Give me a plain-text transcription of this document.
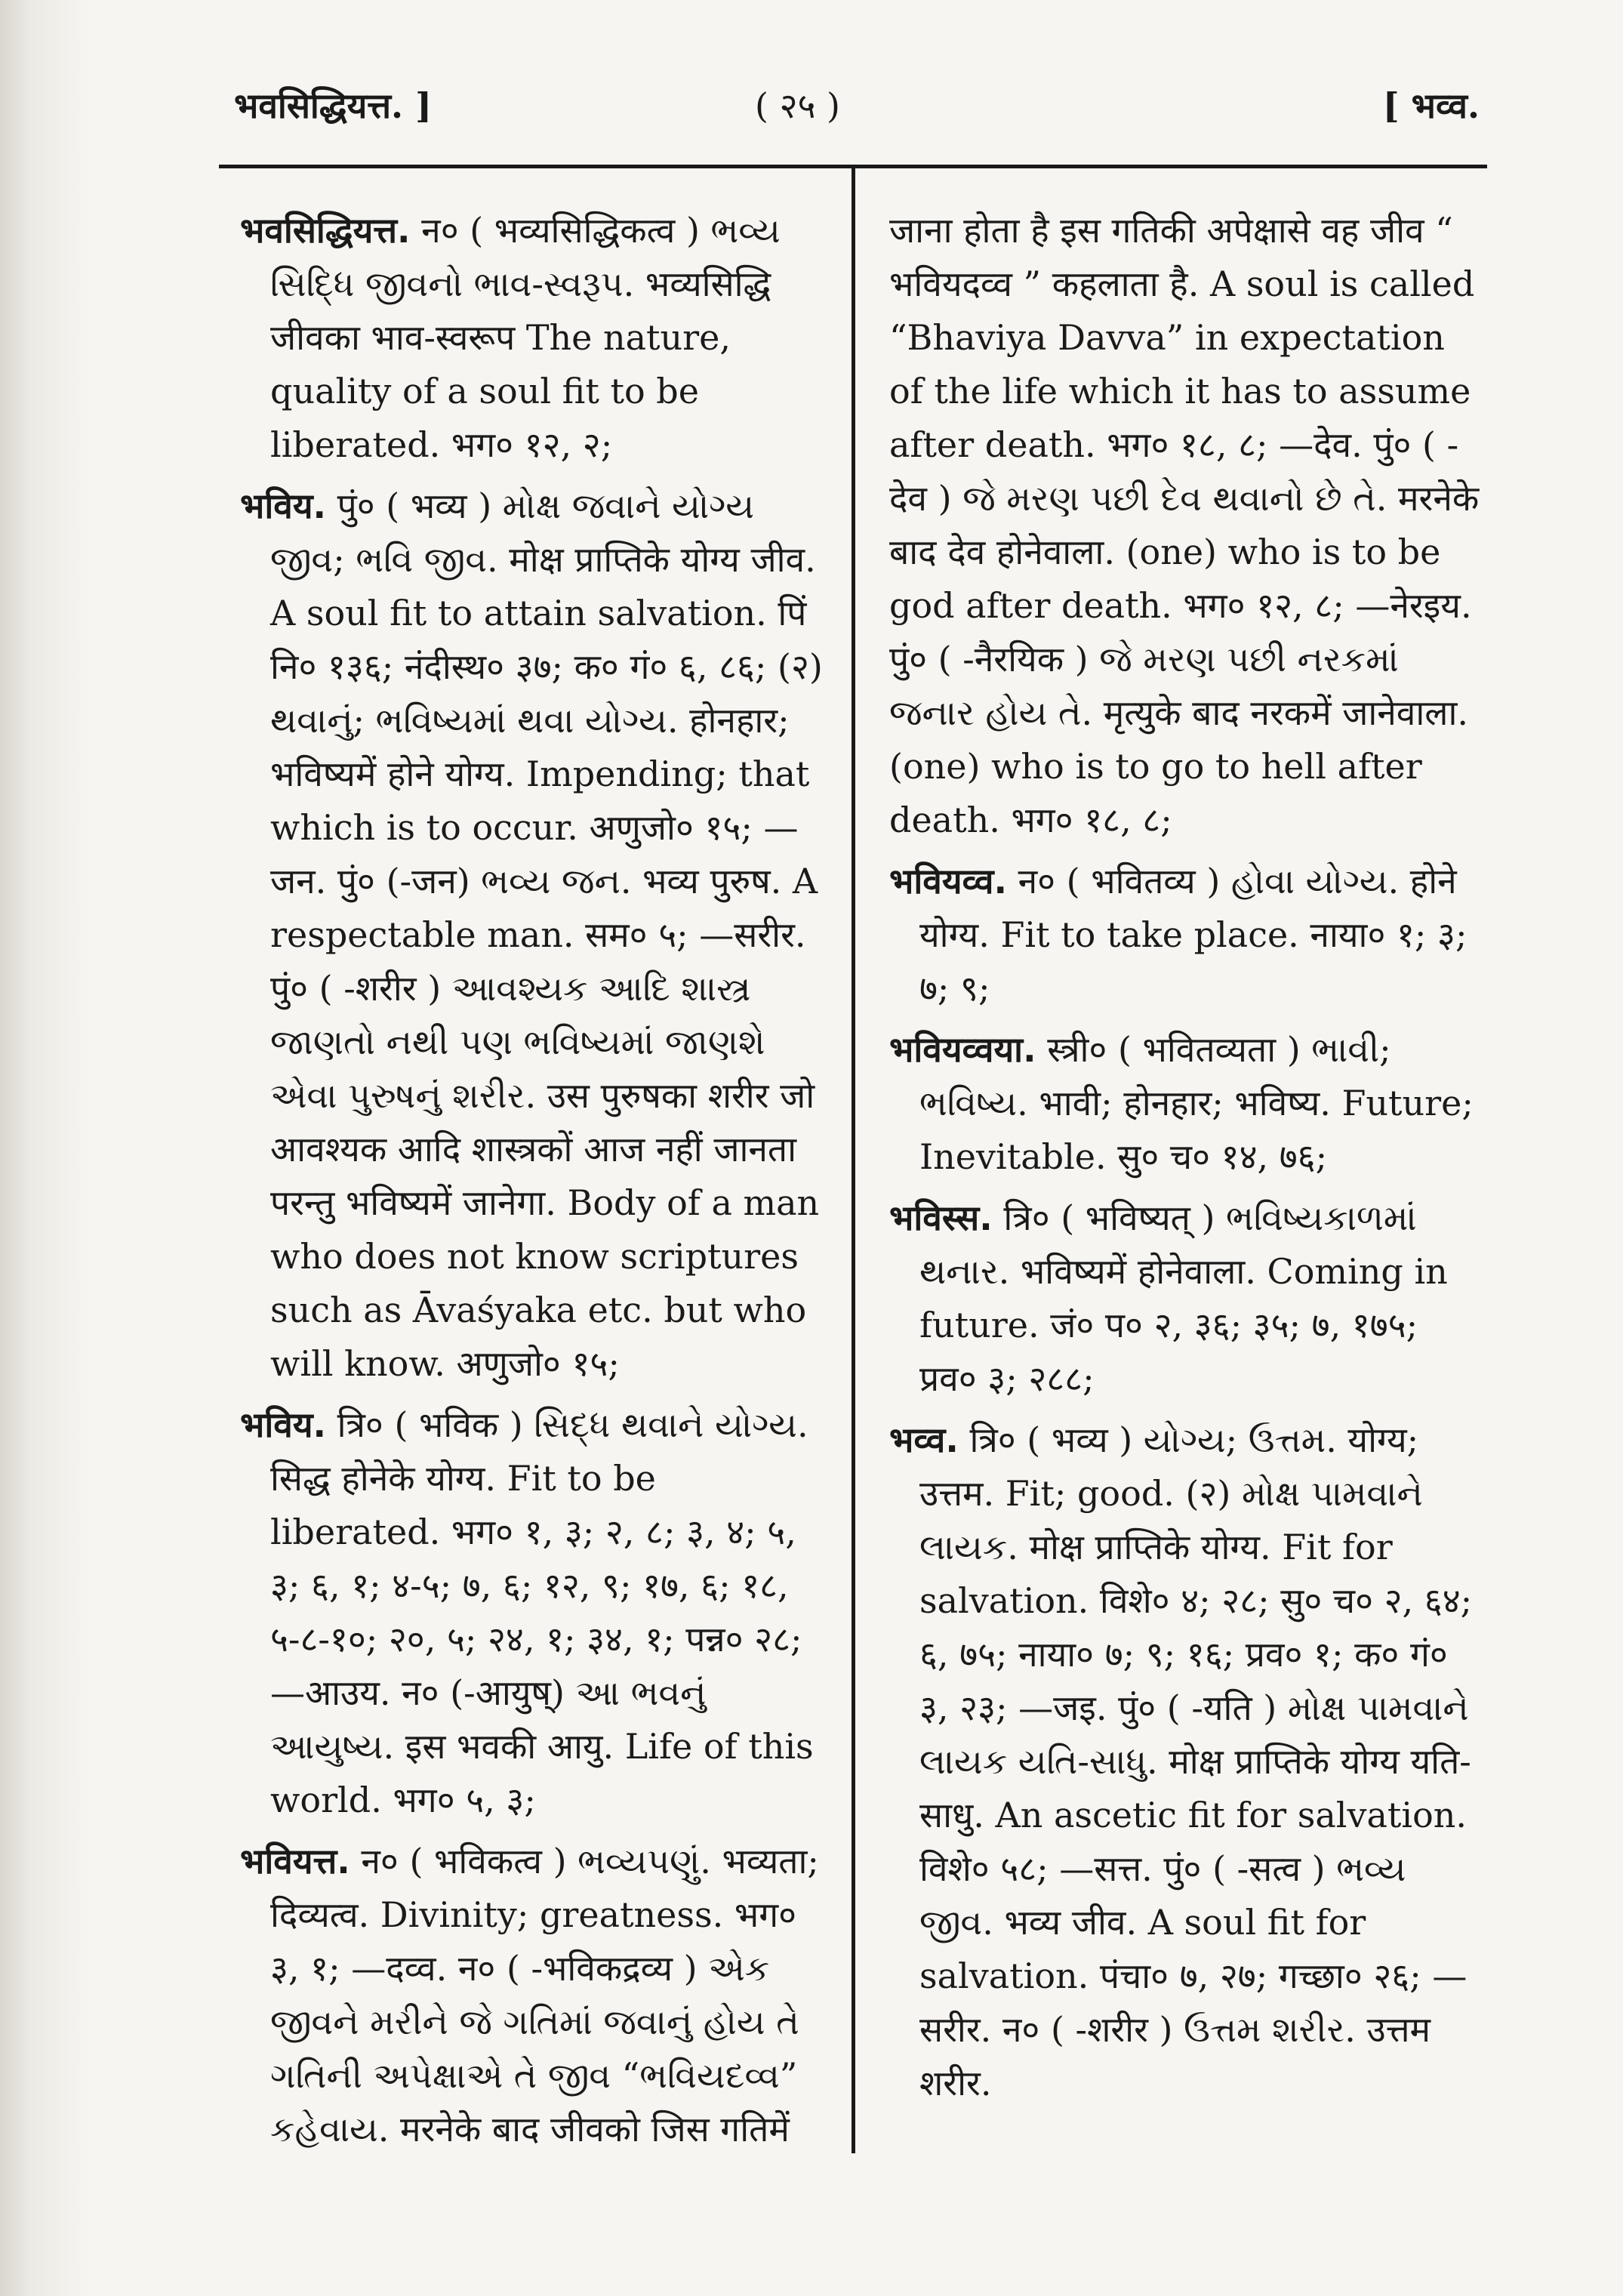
भवसिद्धियत्त. ]	( २५ )	[ भव्व.
भवसिद्धियत्त. न० ( भव्यसिद्धिकत्व ) ભવ્ય સિદ્ધિ જીવનો ભાવ-સ્વરૂપ. भव्यसिद्धि जीवका भाव-स्वरूप The nature, quality of a soul fit to be liberated. भग० १२, २;
भविय. पुं० ( भव्य ) મોક્ષ જવાને યોગ્ય જીવ; ભવિ જીવ. मोक्ष प्राप्तिके योग्य जीव. A soul fit to attain salvation. पिं नि० १३६; नंदीस्थ० ३७; क० गं० ६, ८६; (२) થવાનું; ભવિષ્યમાં થવા યોગ્ય. होनहार; भविष्यमें होने योग्य. Impending; that which is to occur. अणुजो० १५; —जन. पुं० (-जन) ભવ્ય જન. भव्य पुरुष. A respectable man. सम० ५; —सरीर. पुं० ( -शरीर ) આવશ્યક આદિ શાસ્ત્ર જાણતો નથી પણ ભવિષ્યમાં જાણશે એવા પુરુષનું શરીર. उस पुरुषका शरीर जो आवश्यक आदि शास्त्रकों आज नहीं जानता परन्तु भविष्यमें जानेगा. Body of a man who does not know scriptures such as Āvaśyaka etc. but who will know. अणुजो० १५;
भविय. त्रि० ( भविक ) સિદ્ધ થવાને યોગ્ય. सिद्ध होनेके योग्य. Fit to be liberated. भग० १, ३; २, ८; ३, ४; ५, ३; ६, १; ४-५; ७, ६; १२, ९; १७, ६; १८, ५-८-१०; २०, ५; २४, १; ३४, १; पन्न० २८; —आउय. न० (-आयुष्) આ ભવનું આયુષ્ય. इस भवकी आयु. Life of this world. भग० ५, ३;
भवियत्त. न० ( भविकत्व ) ભવ્યપણું. भव्यता; दिव्यत्व. Divinity; greatness. भग० ३, १; —दव्व. न० ( -भविकद्रव्य ) એક જીવને મરીને જે ગતિમાં જવાનું હોય તે ગતિની અપેક્ષાએ તે જીવ “ભવિયદવ્વ” કહેવાય. मरनेके बाद जीवको जिस गतिमें
जाना होता है इस गतिकी अपेक्षासे वह जीव “ भवियदव्व ” कहलाता है. A soul is called “Bhaviya Davva” in expectation of the life which it has to assume after death. भग० १८, ८; —देव. पुं० ( -देव ) જે મરણ પછી દેવ થવાનો છે તે. मरनेके बाद देव होनेवाला. (one) who is to be god after death. भग० १२, ८; —नेरइय. पुं० ( -नैरयिक ) જે મરણ પછી નરકમાં જનાર હોય તે. मृत्युके बाद नरकमें जानेवाला. (one) who is to go to hell after death. भग० १८, ८;
भवियव्व. न० ( भवितव्य ) હોવા યોગ્ય. होने योग्य. Fit to take place. नाया० १; ३; ७; ९;
भवियव्वया. स्त्री० ( भवितव्यता ) ભાવી; ભવિષ્ય. भावी; होनहार; भविष्य. Future; Inevitable. सु० च० १४, ७६;
भविस्स. त्रि० ( भविष्यत् ) ભવિષ્યકાળમાં થનાર. भविष्यमें होनेवाला. Coming in future. जं० प० २, ३६; ३५; ७, १७५; प्रव० ३; २८८;
भव्व. त्रि० ( भव्य ) યોગ્ય; ઉત્તમ. योग्य; उत्तम. Fit; good. (२) મોક્ષ પામવાને લાયક. मोक्ष प्राप्तिके योग्य. Fit for salvation. विशे० ४; २८; सु० च० २, ६४; ६, ७५; नाया० ७; ९; १६; प्रव० १; क० गं० ३, २३; —जइ. पुं० ( -यति ) મોક્ષ પામવાને લાયક યતિ-સાધુ. मोक्ष प्राप्तिके योग्य यति-साधु. An ascetic fit for salvation. विशे० ५८; —सत्त. पुं० ( -सत्व ) ભવ્ય જીવ. भव्य जीव. A soul fit for salvation. पंचा० ७, २७; गच्छा० २६; —सरीर. न० ( -शरीर ) ઉત્તમ શરીર. उत्तम शरीर.
